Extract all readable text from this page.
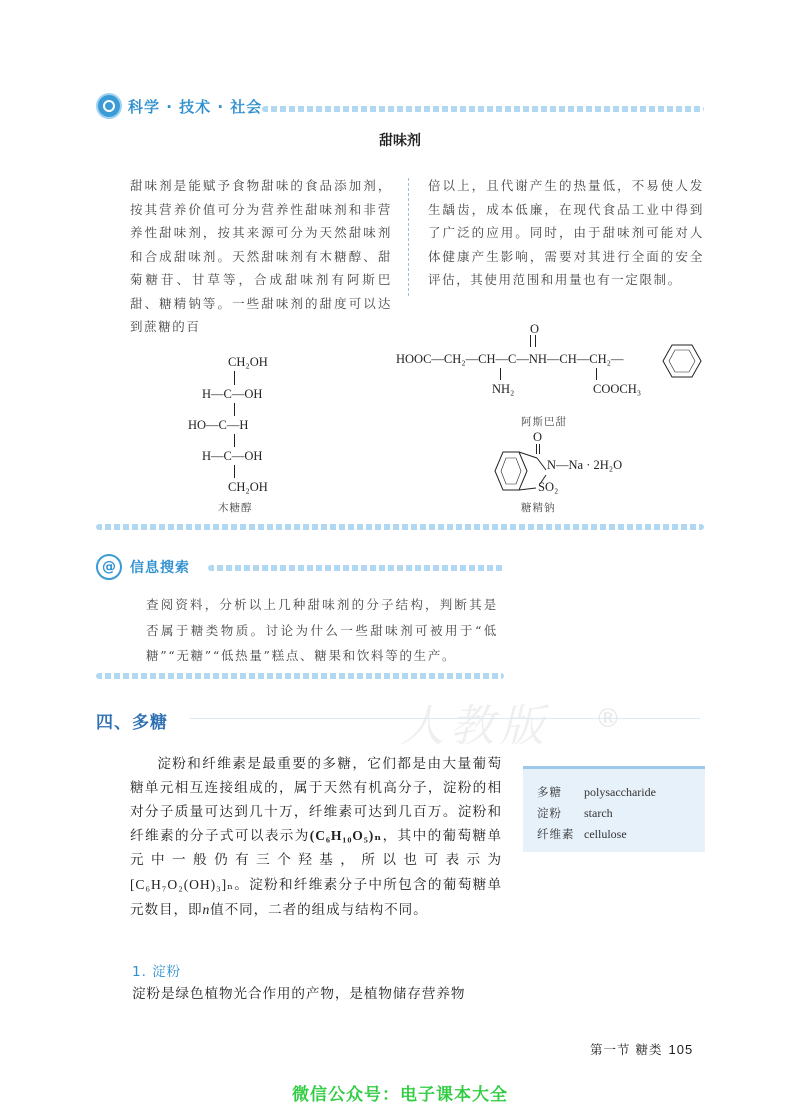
科学 · 技术 · 社会
甜味剂

甜味剂是能赋予食物甜味的食品添加剂，按其营养价值可分为营养性甜味剂和非营养性甜味剂，按其来源可分为天然甜味剂和合成甜味剂。天然甜味剂有木糖醇、甜菊糖苷、甘草等，合成甜味剂有阿斯巴甜、糖精钠等。一些甜味剂的甜度可以达到蔗糖的百

倍以上，且代谢产生的热量低，不易使人发生龋齿，成本低廉，在现代食品工业中得到了广泛的应用。同时，由于甜味剂可能对人体健康产生影响，需要对其进行全面的安全评估，其使用范围和用量也有一定限制。

CH₂OH
H—C—OH
HO—C—H
H—C—OH
CH₂OH
木糖醇
O
HOOC—CH₂—CH—C—NH—CH—CH₂—
NH₂	COOCH₃
阿斯巴甜
O
N—Na · 2H₂O
SO₂
糖精钠
@	信息搜索

查阅资料，分析以上几种甜味剂的分子结构，判断其是否属于糖类物质。讨论为什么一些甜味剂可被用于“低糖”“无糖”“低热量”糕点、糖果和饮料等的生产。

人教版 ®
四、多糖

淀粉和纤维素是最重要的多糖，它们都是由大量葡萄糖单元相互连接组成的，属于天然有机高分子，淀粉的相对分子质量可达到几十万，纤维素可达到几百万。淀粉和纤维素的分子式可以表示为(C₆H₁₀O₅)ₙ，其中的葡萄糖单元中一般仍有三个羟基，所以也可表示为[C₆H₇O₂(OH)₃]ₙ。淀粉和纤维素分子中所包含的葡萄糖单元数目，即n值不同，二者的组成与结构不同。

多糖 polysaccharide
淀粉 starch
纤维素 cellulose
1. 淀粉

淀粉是绿色植物光合作用的产物，是植物储存营养物

第一节 糖类 105
微信公众号：电子课本大全
